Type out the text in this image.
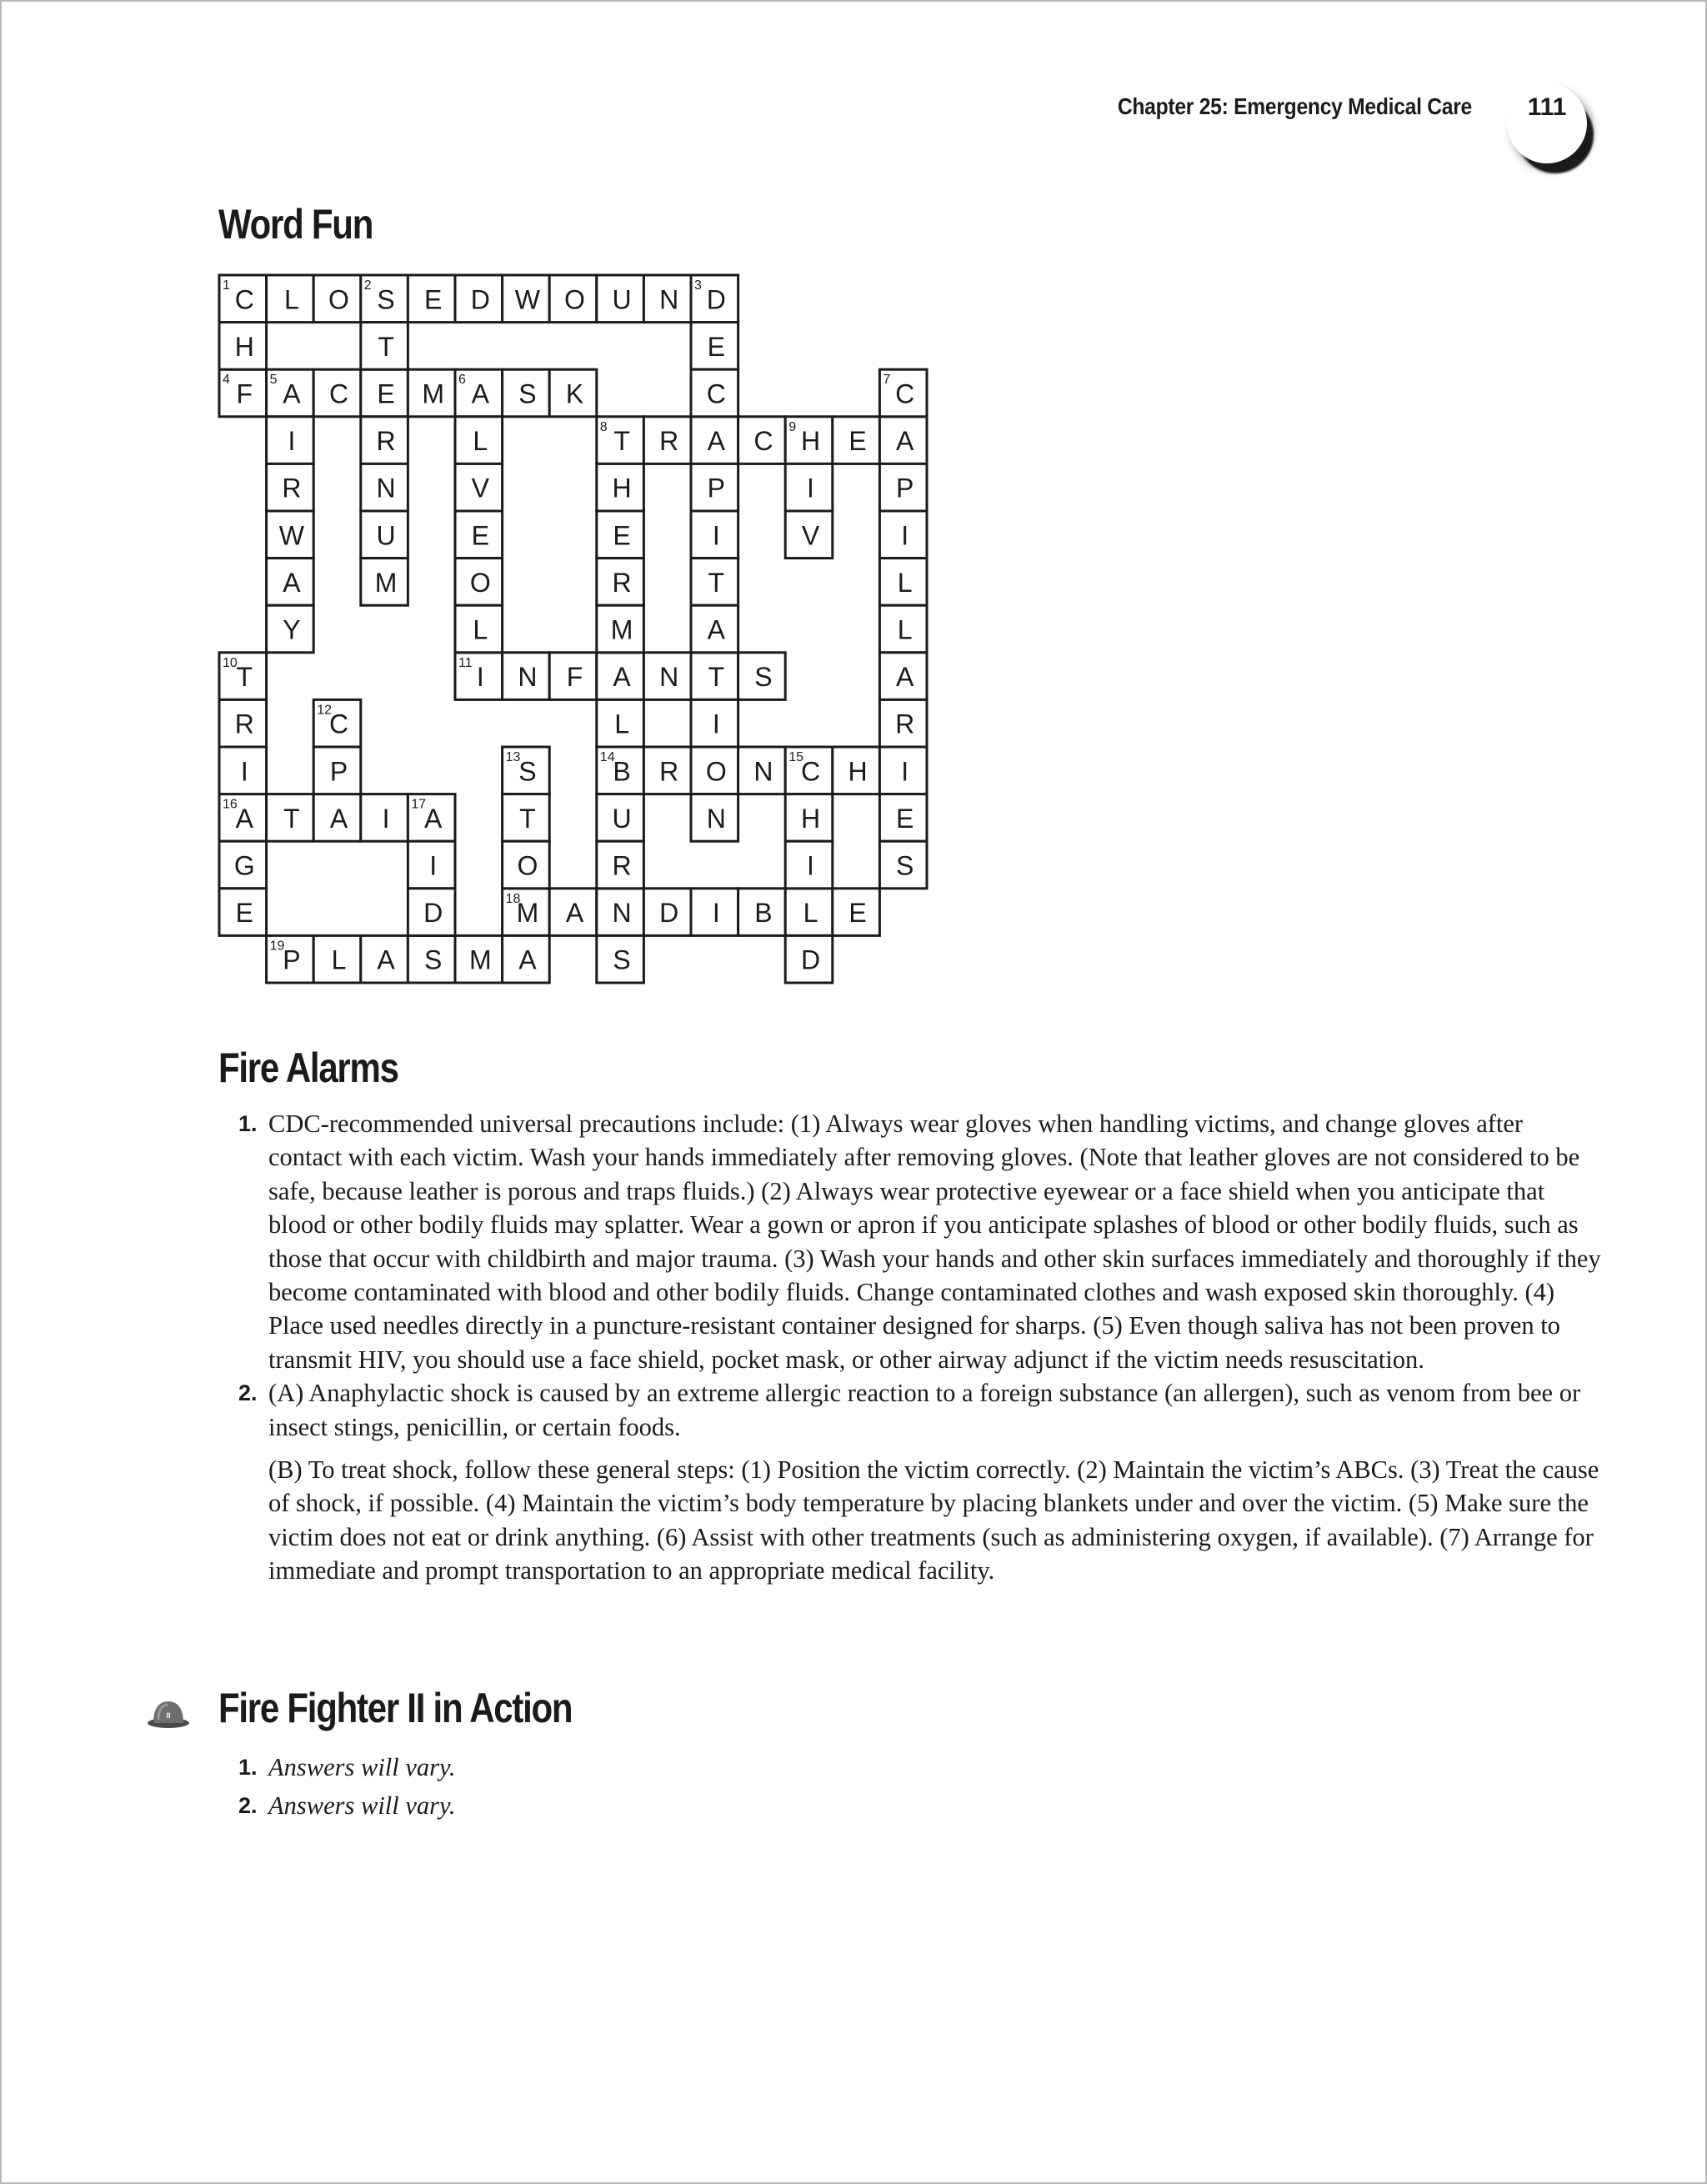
Chapter 25: Emergency Medical Care	111
Word Fun
C L O S E D W O U N D
F A C E M A S K
T R A C H E A
I N F A N T S
B R O N C H I
A T A I A
M A N D I B L E
P L A S M A
H	T
R
N
U
M
E
C
P
I
T
A
I
N
I
R
W
A
Y
L
V
E
O
L
C
P
I
L
L
A
R
E
S
H
E
R
M
L
U
R
S
I
V
T
R
I
G
E
C
P	S
T
O
H
I
D
I
D
1	2	3
4	5	6	7
8	9
10	11
12
13	14	15
16	17
18
19
Fire Alarms
1. CDC-recommended universal precautions include: (1) Always wear gloves when handling victims, and change gloves after contact with each victim. Wash your hands immediately after removing gloves. (Note that leather gloves are not considered to be safe, because leather is porous and traps fluids.) (2) Always wear protective eyewear or a face shield when you anticipate that blood or other bodily fluids may splatter. Wear a gown or apron if you anticipate splashes of blood or other bodily fluids, such as those that occur with childbirth and major trauma. (3) Wash your hands and other skin surfaces immediately and thoroughly if they become contaminated with blood and other bodily fluids. Change contaminated clothes and wash exposed skin thoroughly. (4) Place used needles directly in a puncture-resistant container designed for sharps. (5) Even though saliva has not been proven to transmit HIV, you should use a face shield, pocket mask, or other airway adjunct if the victim needs resuscitation.

2. (A) Anaphylactic shock is caused by an extreme allergic reaction to a foreign substance (an allergen), such as venom from bee or insect stings, penicillin, or certain foods.

(B) To treat shock, follow these general steps: (1) Position the victim correctly. (2) Maintain the victim’s ABCs. (3) Treat the cause of shock, if possible. (4) Maintain the victim’s body temperature by placing blankets under and over the victim. (5) Make sure the victim does not eat or drink anything. (6) Assist with other treatments (such as administering oxygen, if available). (7) Arrange for immediate and prompt transportation to an appropriate medical facility.

II Fire Fighter II in Action
1. Answers will vary.

2. Answers will vary.
